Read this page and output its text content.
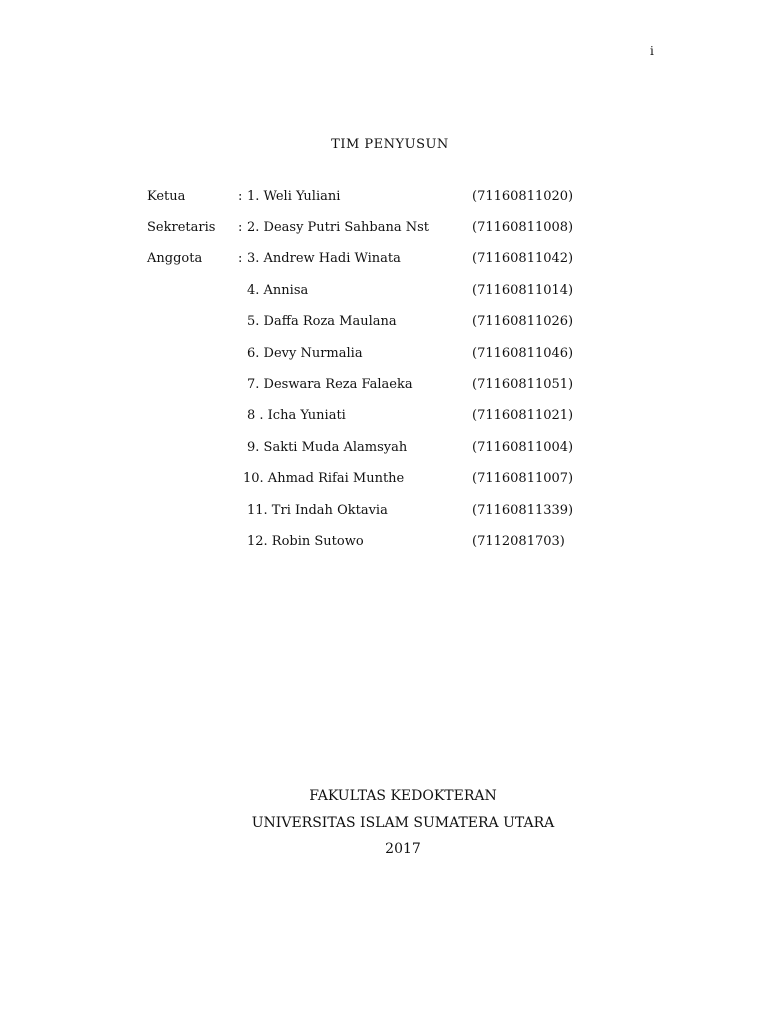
i
TIM PENYUSUN
Ketua	: 1. Weli Yuliani	(71160811020)
Sekretaris : 2. Deasy Putri Sahbana Nst	(71160811008)
Anggota	: 3. Andrew Hadi Winata	(71160811042)
4. Annisa	(71160811014)
5. Daffa Roza Maulana	(71160811026)
6. Devy Nurmalia	(71160811046)
7. Deswara Reza Falaeka	(71160811051)
8 . Icha Yuniati	(71160811021)
9. Sakti Muda Alamsyah	(71160811004)
10. Ahmad Rifai Munthe	(71160811007)
11. Tri Indah Oktavia	(71160811339)
12. Robin Sutowo	(7112081703)
FAKULTAS KEDOKTERAN
UNIVERSITAS ISLAM SUMATERA UTARA
2017
